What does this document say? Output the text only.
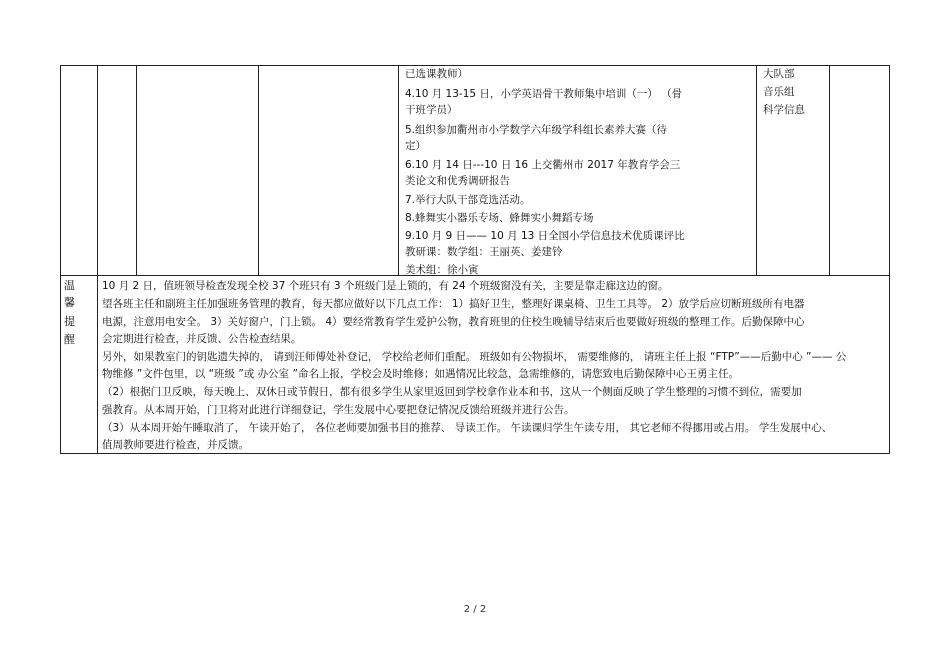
已选课教师）
4.10 月 13-15 日，小学英语骨干教师集中培训（一） （骨
干班学员）
5.组织参加衢州市小学数学六年级学科组长素养大赛（待
定）
6.10 月 14 日---10 日 16 上交衢州市 2017 年教育学会三
类论文和优秀调研报告
7.举行大队干部竞选活动。
8.蜂舞实小器乐专场、蜂舞实小舞蹈专场
9.10 月 9 日—— 10 月 13 日全国小学信息技术优质课评比
教研课：数学组：王丽英、姜建铃
美术组：徐小寅
大队部
音乐组
科学信息
温
馨
提
醒
10 月 2 日，值班领导检查发现全校 37 个班只有 3 个班级门是上锁的，有 24 个班级窗没有关，主要是靠走廊这边的窗。
望各班主任和副班主任加强班务管理的教育，每天都应做好以下几点工作： 1）搞好卫生，整理好课桌椅、卫生工具等。 2）放学后应切断班级所有电器
电源，注意用电安全。 3）关好窗户，门上锁。 4）要经常教育学生爱护公物，教育班里的住校生晚辅导结束后也要做好班级的整理工作。后勤保障中心
会定期进行检查，并反馈、公告检查结果。
另外，如果教室门的钥匙遗失掉的， 请到汪师傅处补登记， 学校给老师们重配。 班级如有公物损坏， 需要维修的， 请班主任上报 “FTP”——后勤中心 ”—— 公
物维修 ”文件包里，以 “班级 ”或 办公室 ”命名上报，学校会及时维修；如遇情况比较急，急需维修的，请您致电后勤保障中心王勇主任。
（2）根据门卫反映，每天晚上、双休日或节假日，都有很多学生从家里返回到学校拿作业本和书，这从一个侧面反映了学生整理的习惯不到位，需要加
强教育。从本周开始，门卫将对此进行详细登记，学生发展中心要把登记情况反馈给班级并进行公告。
（3）从本周开始午睡取消了， 午读开始了， 各位老师要加强书目的推荐、 导读工作。 午读课归学生午读专用， 其它老师不得挪用或占用。 学生发展中心、
值周教师要进行检查，并反馈。
2 / 2
